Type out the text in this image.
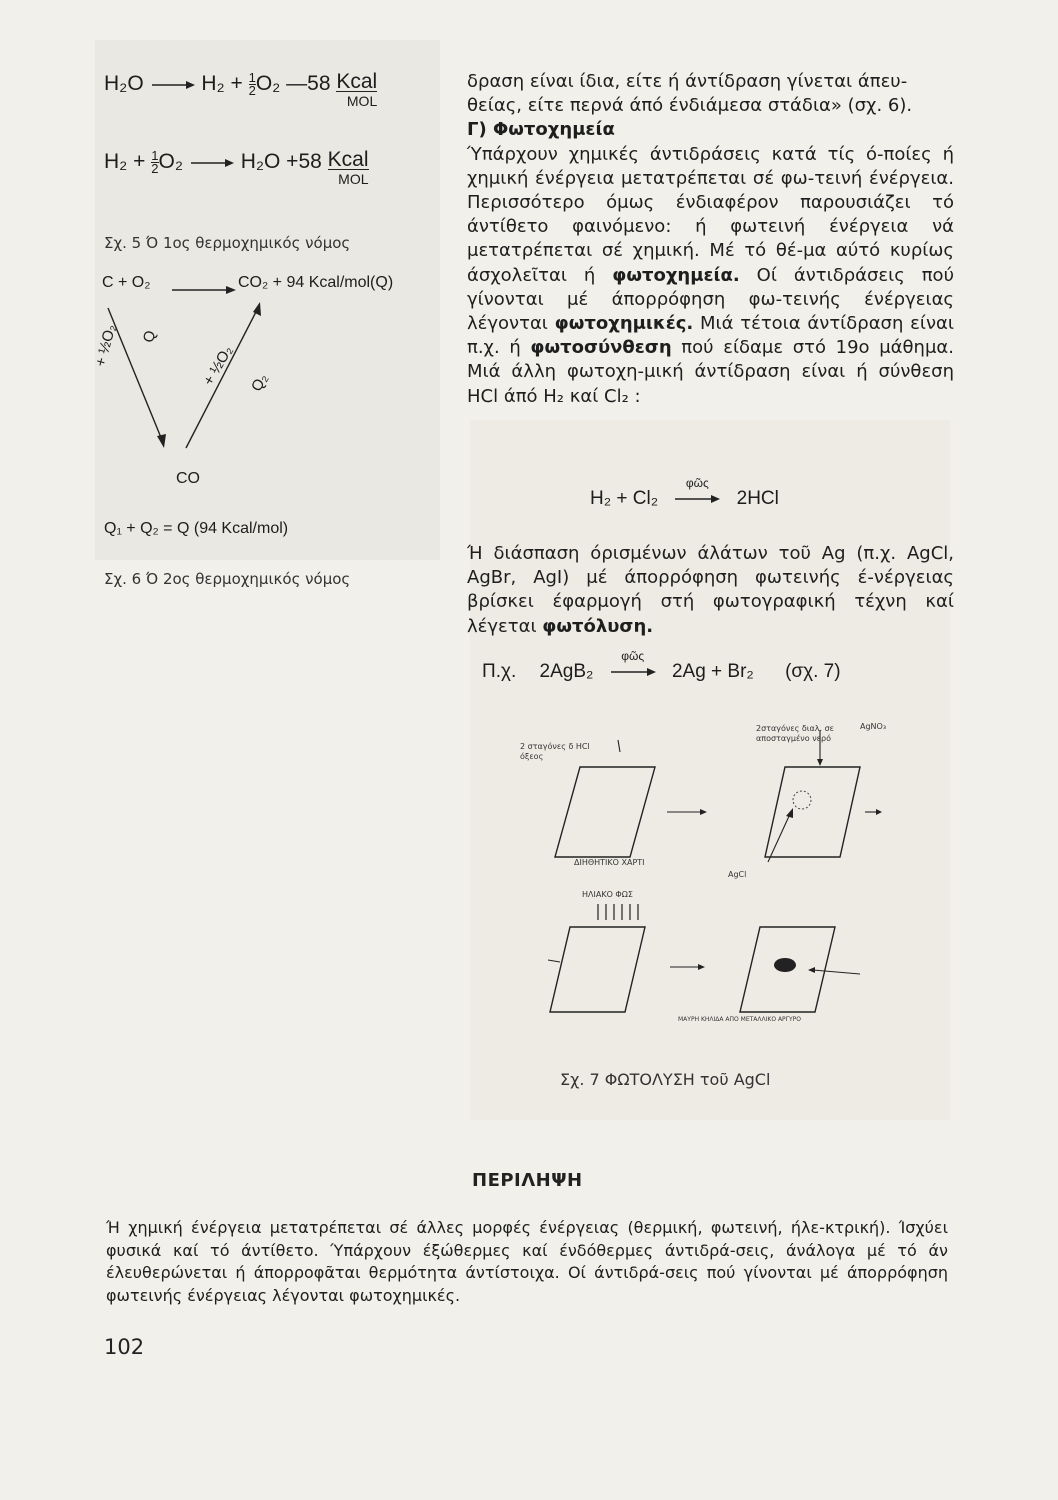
H₂O	$H_2 + \frac{1}{2} O_2$ —58 Kcal
MOL
$H_2 + \frac{1}{2} O_2$	H₂O +58 Kcal
MOL
Σχ. 5 Ό 1ος θερμοχημικός νόμος
C + O₂	CO₂ + 94 Kcal/mol(Q)
+ ½O₂ Q
+ ½O₂ Q₂
CO
Q₁ + Q₂ = Q (94 Kcal/mol)
Σχ. 6 Ό 2ος θερμοχημικός νόμος

δραση είναι ίδια, είτε ή άντίδραση γίνεται άπευ-θείας, είτε περνά άπό ένδιάμεσα στάδια» (σχ. 6).

Γ) Φωτοχημεία

Ύπάρχουν χημικές άντιδράσεις κατά τίς ό-ποίες ή χημική ένέργεια μετατρέπεται σέ φω-τεινή ένέργεια. Περισσότερο όμως ένδιαφέρον παρουσιάζει τό άντίθετο φαινόμενο: ή φωτεινή ένέργεια νά μετατρέπεται σέ χημική. Μέ τό θέ-μα αύτό κυρίως άσχολεῖται ή φωτοχημεία. Οί άντιδράσεις πού γίνονται μέ άπορρόφηση φω-τεινής ένέργειας λέγονται φωτοχημικές. Μιά τέτοια άντίδραση είναι π.χ. ή φωτοσύνθεση πού είδαμε στό 19ο μάθημα. Μιά άλλη φωτοχη-μική άντίδραση είναι ή σύνθεση HCl άπό H₂ καί Cl₂ :

H₂ + Cl₂
φῶς
2HCl
Ή διάσπαση όρισμένων άλάτων τοῦ Ag (π.χ. AgCl, AgBr, AgI) μέ άπορρόφηση φωτεινής έ-νέργειας βρίσκει έφαρμογή στή φωτογραφική τέχνη καί λέγεται φωτόλυση.
Π.χ. 2AgB₂
φῶς
2Ag + Br₂ (σχ. 7)
2 σταγόνες δ HCl όξεος
AgNO₃
2σταγόνες διαλ. σε αποσταγμένο νερό
ΔΙΗΘΗΤΙΚΟ ΧΑΡΤΙ
AgCl
ΗΛΙΑΚΟ ΦΩΣ
ΜΑΥΡΗ ΚΗΛΙΔΑ ΑΠΟ ΜΕΤΑΛΛΙΚΟ ΑΡΓΥΡΟ
Σχ. 7 ΦΩΤΟΛΥΣΗ τοῦ AgCl
ΠΕΡΙΛΗΨΗ
Ή χημική ένέργεια μετατρέπεται σέ άλλες μορφές ένέργειας (θερμική, φωτεινή, ήλε-κτρική). Ίσχύει φυσικά καί τό άντίθετο. Ύπάρχουν έξώθερμες καί ένδόθερμες άντιδρά-σεις, άνάλογα μέ τό άν έλευθερώνεται ή άπορροφᾶται θερμότητα άντίστοιχα. Οί άντιδρά-σεις πού γίνονται μέ άπορρόφηση φωτεινής ένέργειας λέγονται φωτοχημικές.
102
